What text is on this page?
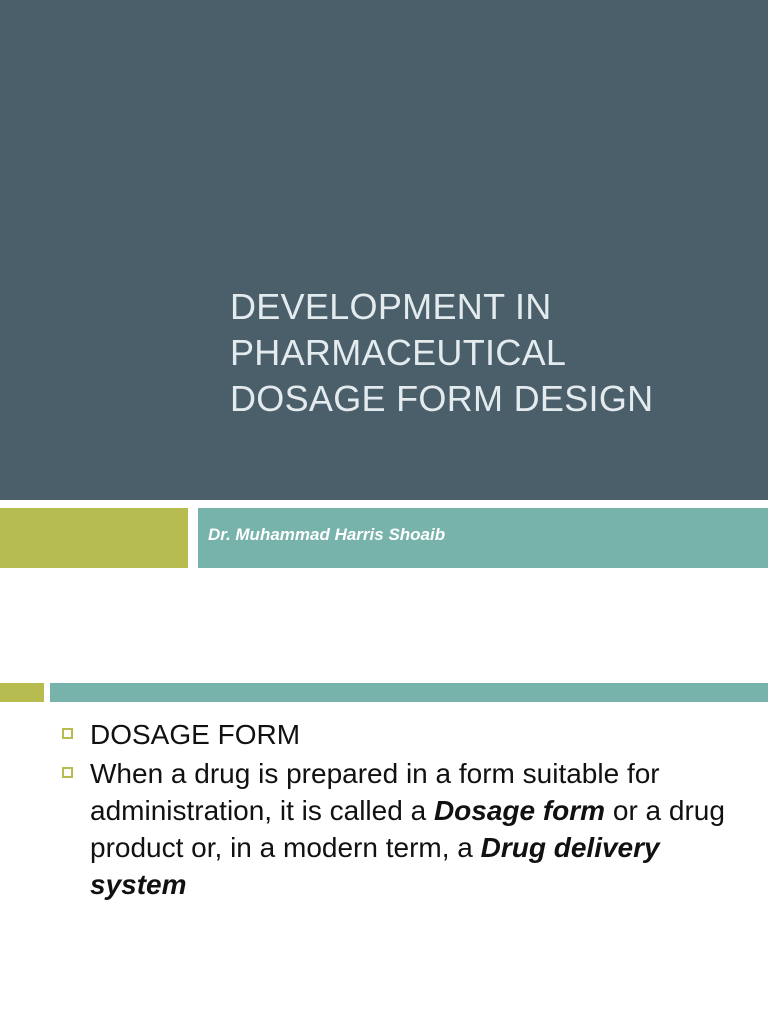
DEVELOPMENT IN
PHARMACEUTICAL
DOSAGE FORM DESIGN

Dr. Muhammad Harris Shoaib

DOSAGE FORM
When a drug is prepared in a form suitable for administration, it is called a Dosage form or a drug product or, in a modern term, a Drug delivery system
